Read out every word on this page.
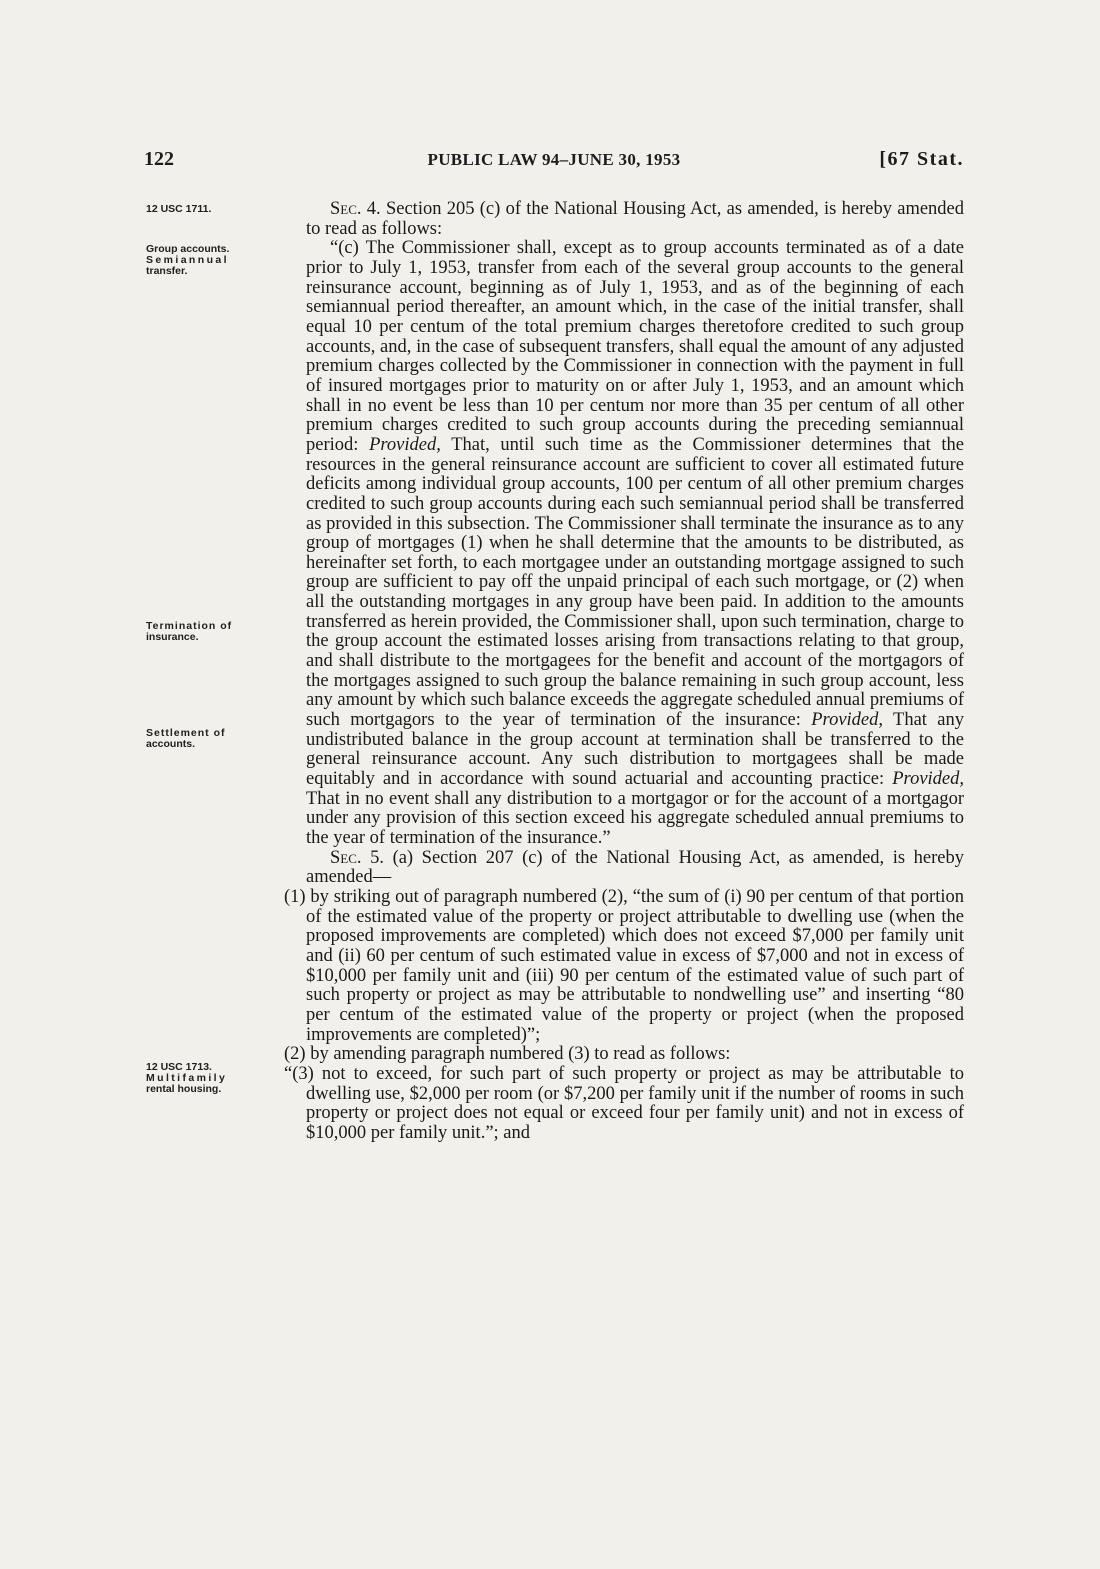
122	PUBLIC LAW 94–JUNE 30, 1953	[67 Stat.
12 USC 1711.
Group accounts.
Semiannual
transfer.
Termination of
insurance.
Settlement of
accounts.
12 USC 1713.
Multifamily
rental housing.

Sec. 4. Section 205 (c) of the National Housing Act, as amended, is hereby amended to read as follows:

“(c) The Commissioner shall, except as to group accounts terminated as of a date prior to July 1, 1953, transfer from each of the several group accounts to the general reinsurance account, beginning as of July 1, 1953, and as of the beginning of each semiannual period thereafter, an amount which, in the case of the initial transfer, shall equal 10 per centum of the total premium charges theretofore credited to such group accounts, and, in the case of subsequent transfers, shall equal the amount of any adjusted premium charges collected by the Commissioner in connection with the payment in full of insured mortgages prior to maturity on or after July 1, 1953, and an amount which shall in no event be less than 10 per centum nor more than 35 per centum of all other premium charges credited to such group accounts during the preceding semiannual period: Provided, That, until such time as the Commissioner determines that the resources in the general reinsurance account are sufficient to cover all estimated future deficits among individual group accounts, 100 per centum of all other premium charges credited to such group accounts during each such semiannual period shall be transferred as provided in this subsection. The Commissioner shall terminate the insurance as to any group of mortgages (1) when he shall determine that the amounts to be distributed, as hereinafter set forth, to each mortgagee under an outstanding mortgage assigned to such group are sufficient to pay off the unpaid principal of each such mortgage, or (2) when all the outstanding mortgages in any group have been paid. In addition to the amounts transferred as herein provided, the Commissioner shall, upon such termination, charge to the group account the estimated losses arising from transactions relating to that group, and shall distribute to the mortgagees for the benefit and account of the mortgagors of the mortgages assigned to such group the balance remaining in such group account, less any amount by which such balance exceeds the aggregate scheduled annual premiums of such mortgagors to the year of termination of the insurance: Provided, That any undistributed balance in the group account at termination shall be transferred to the general reinsurance account. Any such distribution to mortgagees shall be made equitably and in accordance with sound actuarial and accounting practice: Provided, That in no event shall any distribution to a mortgagor or for the account of a mortgagor under any provision of this section exceed his aggregate scheduled annual premiums to the year of termination of the insurance.”

Sec. 5. (a) Section 207 (c) of the National Housing Act, as amended, is hereby amended—

(1) by striking out of paragraph numbered (2), “the sum of (i) 90 per centum of that portion of the estimated value of the property or project attributable to dwelling use (when the proposed improvements are completed) which does not exceed $7,000 per family unit and (ii) 60 per centum of such estimated value in excess of $7,000 and not in excess of $10,000 per family unit and (iii) 90 per centum of the estimated value of such part of such property or project as may be attributable to nondwelling use” and inserting “80 per centum of the estimated value of the property or project (when the proposed improvements are completed)”;

(2) by amending paragraph numbered (3) to read as follows:

“(3) not to exceed, for such part of such property or project as may be attributable to dwelling use, $2,000 per room (or $7,200 per family unit if the number of rooms in such property or project does not equal or exceed four per family unit) and not in excess of $10,000 per family unit.”; and
